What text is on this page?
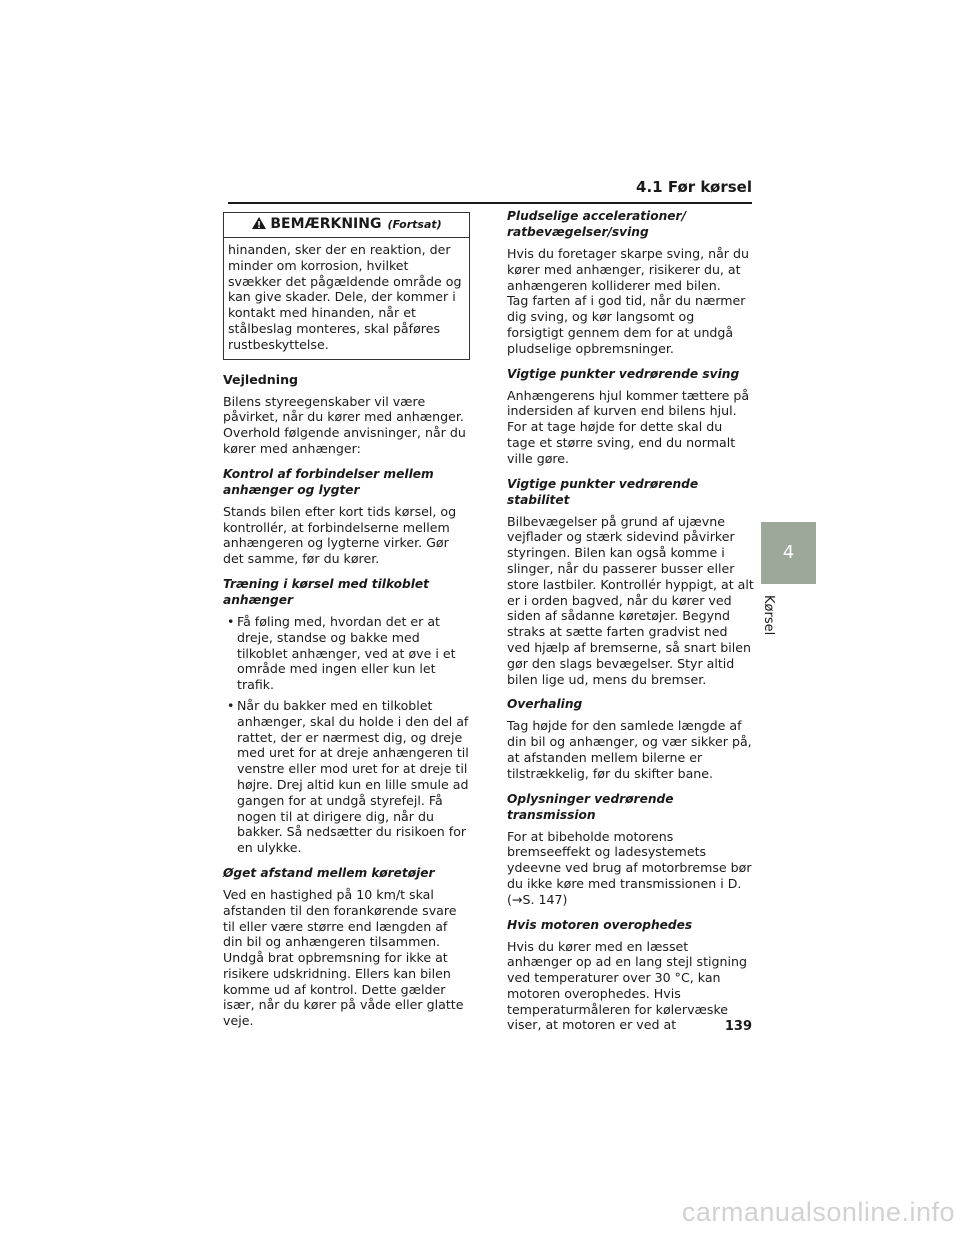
4.1 Før kørsel
BEMÆRKNING (Fortsat)
hinanden, sker der en reaktion, der minder om korrosion, hvilket svækker det pågældende område og kan give skader. Dele, der kommer i kontakt med hinanden, når et stålbeslag monteres, skal påføres rustbeskyttelse.
Vejledning

Bilens styreegenskaber vil være påvirket, når du kører med anhænger. Overhold følgende anvisninger, når du kører med anhænger:

Kontrol af forbindelser mellem anhænger og lygter

Stands bilen efter kort tids kørsel, og kontrollér, at forbindelserne mellem anhængeren og lygterne virker. Gør det samme, før du kører.

Træning i kørsel med tilkoblet anhænger
• Få føling med, hvordan det er at dreje, standse og bakke med tilkoblet anhænger, ved at øve i et område med ingen eller kun let trafik.
• Når du bakker med en tilkoblet anhænger, skal du holde i den del af rattet, der er nærmest dig, og dreje med uret for at dreje anhængeren til venstre eller mod uret for at dreje til højre. Drej altid kun en lille smule ad gangen for at undgå styrefejl. Få nogen til at dirigere dig, når du bakker. Så nedsætter du risikoen for en ulykke.
Øget afstand mellem køretøjer

Ved en hastighed på 10 km/t skal afstanden til den forankørende svare til eller være større end længden af din bil og anhængeren tilsammen. Undgå brat opbremsning for ikke at risikere udskridning. Ellers kan bilen komme ud af kontrol. Dette gælder især, når du kører på våde eller glatte veje.

Pludselige accelerationer/ ratbevægelser/sving

Hvis du foretager skarpe sving, når du kører med anhænger, risikerer du, at anhængeren kolliderer med bilen.

Tag farten af i god tid, når du nærmer dig sving, og kør langsomt og forsigtigt gennem dem for at undgå pludselige opbremsninger.

Vigtige punkter vedrørende sving

Anhængerens hjul kommer tættere på indersiden af kurven end bilens hjul. For at tage højde for dette skal du tage et større sving, end du normalt ville gøre.

Vigtige punkter vedrørende stabilitet

Bilbevægelser på grund af ujævne vejflader og stærk sidevind påvirker styringen. Bilen kan også komme i slinger, når du passerer busser eller store lastbiler. Kontrollér hyppigt, at alt er i orden bagved, når du kører ved siden af sådanne køretøjer. Begynd straks at sætte farten gradvist ned ved hjælp af bremserne, så snart bilen gør den slags bevægelser. Styr altid bilen lige ud, mens du bremser.

Overhaling

Tag højde for den samlede længde af din bil og anhænger, og vær sikker på, at afstanden mellem bilerne er tilstrækkelig, før du skifter bane.

Oplysninger vedrørende transmission

For at bibeholde motorens bremseeffekt og ladesystemets ydeevne ved brug af motorbremse bør du ikke køre med transmissionen i D. (→S. 147)

Hvis motoren overophedes

Hvis du kører med en læsset anhænger op ad en lang stejl stigning ved temperaturer over 30 °C, kan motoren overophedes. Hvis temperaturmåleren for kølervæske viser, at motoren er ved at

4
Kørsel
139
carmanualsonline.info
